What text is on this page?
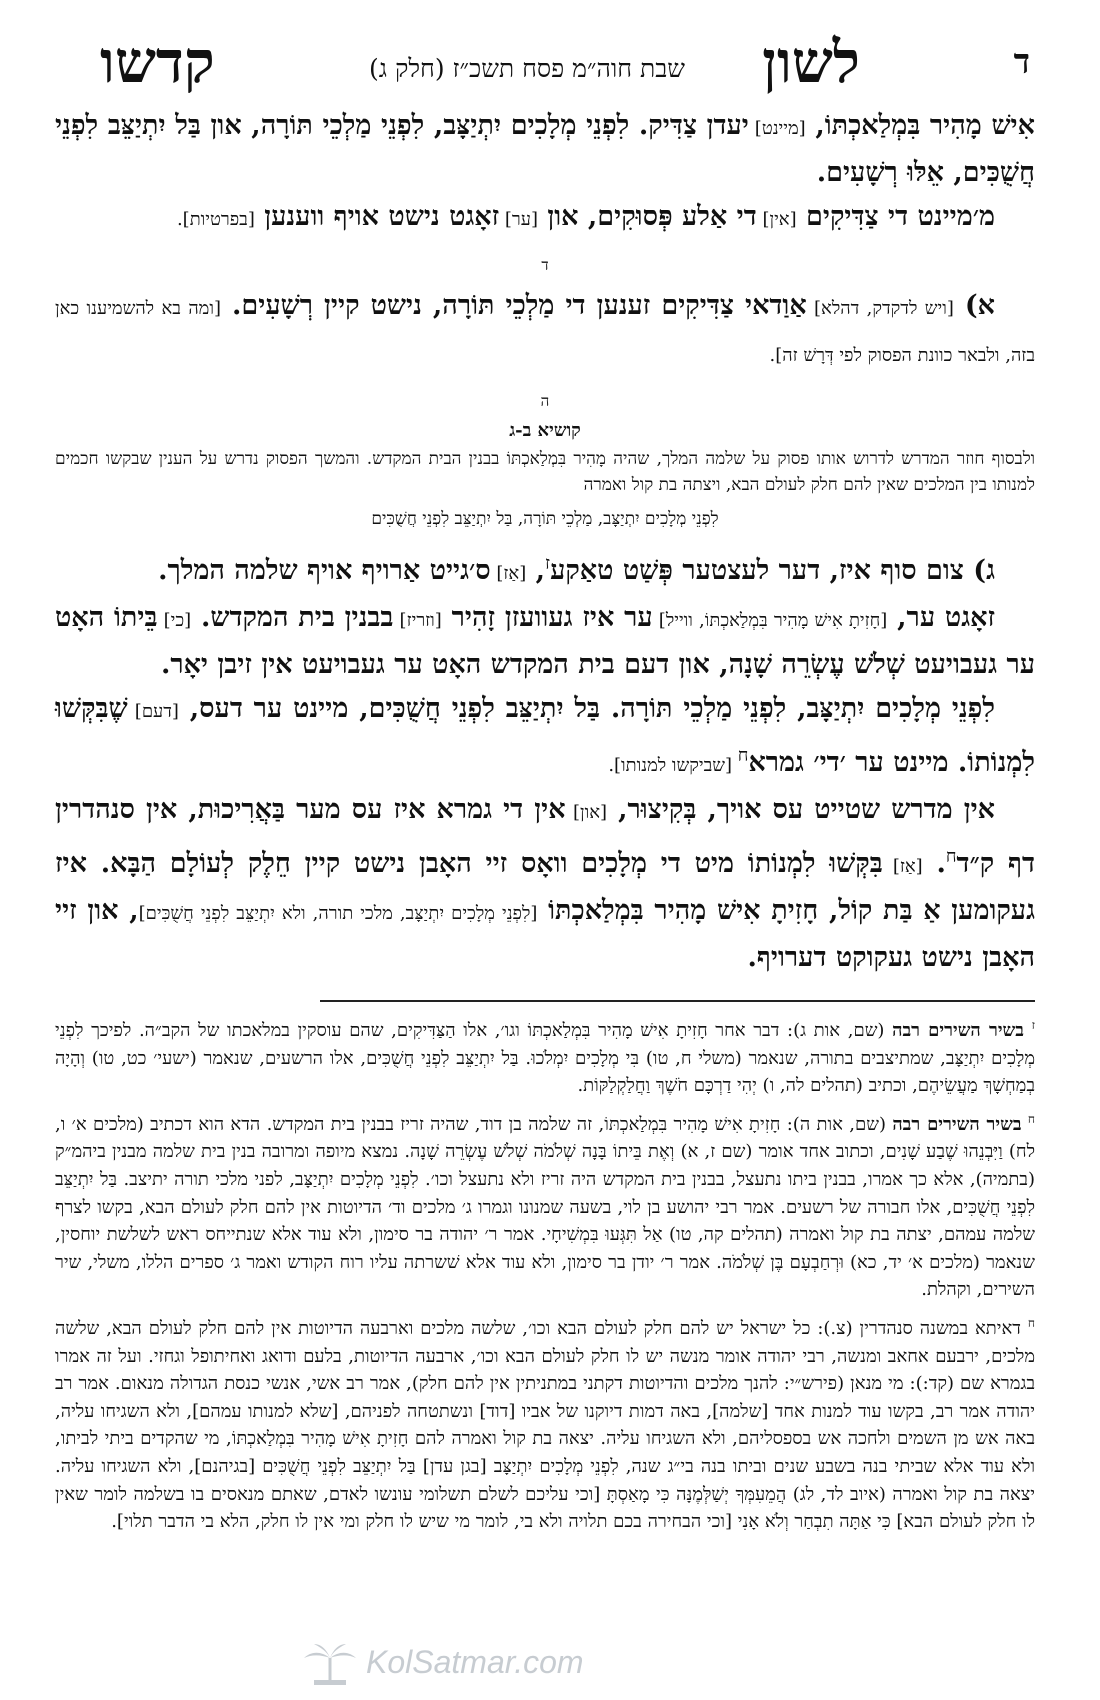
ד
לשון
שבת חוה״מ פסח תשכ״ז (חלק ג)
קדשו

אִישׁ מָהִיר בִּמְלַאכְתּוֹ, [מיינט] יעדן צַדִּיק. לִפְנֵי מְלָכִים יִתְיַצָּב, לִפְנֵי מַלְכֵי תּוֹרָה, און בַּל יִתְיַצֵּב לִפְנֵי חֲשֻׁכִּים, אֵלּוּ רְשָׁעִים.

מ׳מיינט די צַדִּיקִים [אין] די אַלע פְּסוּקִים, און [ער] זאָגט נישט אויף ווענען [בפרטיות].

ד

א) [ויש לדקדק, דהלא] אַוַדאי צַדִּיקִים זענען די מַלְכֵי תּוֹרָה, נישט קיין רְשָׁעִים. [ומה בא להשמיענו כאן בזה, ולבאר כוונת הפסוק לפי דְּרָשׁ זה].

ה
קושיא ב-ג

ולבסוף חוזר המדרש לדרוש אותו פסוק על שלמה המלך, שהיה מָהִיר בִּמְלַאכְתּוֹ בבנין הבית המקדש. והמשך הפסוק נדרש על הענין שבקשו חכמים למנותו בין המלכים שאין להם חלק לעולם הבא, ויצתה בת קול ואמרה

לִפְנֵי מְלָכִים יִתְיַצָּב, מַלְכֵי תּוֹרָה, בַּל יִתְיַצֵּב לִפְנֵי חֲשֻׁכִּים

ג) צום סוף איז, דער לעצטער פְּשַׁט טאַקע$^ז$, [אַז] ס׳גייט אַרויף אויף שלמה המלך.

זאָגט ער, [חָזִיתָ אִישׁ מָהִיר בִּמְלַאכְתּוֹ, ווייל] ער איז געוועזן זָהִיר [וזריז] בבנין בית המקדש. [כי] בֵּיתוֹ האָט ער געבויעט שְׁלֹשׁ עֶשְׂרֵה שָׁנָה, און דעם בית המקדש האָט ער געבויעט אין זיבן יאָר.

לִפְנֵי מְלָכִים יִתְיַצָּב, לִפְנֵי מַלְכֵי תּוֹרָה. בַּל יִתְיַצֵּב לִפְנֵי חֲשֻׁכִּים, מיינט ער דעס, [דעם] שֶׁבִּקְּשׁוּ לִמְנוֹתוֹ. מיינט ער ׳די׳ גמרא$^ח$ [שביקשו למנותו].

אין מדרש שטייט עס אויך, בְּקִיצוּר, [און] אין די גמרא איז עס מער בַּאֲרִיכוּת, אין סנהדרין דף ק״ד$^ח$. [אַז] בִּקְּשׁוּ לִמְנוֹתוֹ מיט די מְלָכִים וואָס זיי האָבן נישט קיין חֵלֶק לְעוֹלָם הַבָּא. איז געקומען אַ בַּת קוֹל, חָזִיתָ אִישׁ מָהִיר בִּמְלַאכְתּוֹ [לִפְנֵי מְלָכִים יִתְיַצָּב, מלכי תורה, ולא יִתְיַצֵּב לִפְנֵי חֲשֻׁכִּים], און זיי האָבן נישט געקוקט דערויף.

$^ז$ בשיר השירים רבה (שם, אות ג): דבר אחר חָזִיתָ אִישׁ מָהִיר בִּמְלַאכְתּוֹ וגו׳, אלו הַצַּדִּיקִים, שהם עוסקין במלאכתו של הקב״ה. לפיכך לִפְנֵי מְלָכִים יִתְיַצָּב, שמתיצבים בתורה, שנאמר (משלי ח, טו) בִּי מְלָכִים יִמְלֹכוּ. בַּל יִתְיַצֵּב לִפְנֵי חֲשֻׁכִּים, אלו הרשעים, שנאמר (ישעי׳ כט, טו) וְהָיָה בְמַחְשָׁךְ מַעֲשֵׂיהֶם, וכתיב (תהלים לה, ו) יְהִי דַרְכָּם חֹשֶׁךְ וַחֲלַקְלַקּוֹת.

$^ח$ בשיר השירים רבה (שם, אות ה): חָזִיתָ אִישׁ מָהִיר בִּמְלַאכְתּוֹ, זה שלמה בן דוד, שהיה זריז בבנין בית המקדש. הדא הוא דכתיב (מלכים א׳ ו, לח) וַיִּבְנֵהוּ שֶׁבַע שָׁנִים, וכתוב אחד אומר (שם ז, א) וְאֶת בֵּיתוֹ בָּנָה שְׁלֹמֹה שְׁלֹשׁ עֶשְׂרֵה שָׁנָה. נמצא מיופה ומרובה בנין בית שלמה מבנין ביהמ״ק (בתמיה), אלא כך אמרו, בבנין ביתו נתעצל, בבנין בית המקדש היה זריז ולא נתעצל וכו׳. לִפְנֵי מְלָכִים יִתְיַצָּב, לפני מלכי תורה יתיצב. בַּל יִתְיַצֵּב לִפְנֵי חֲשֻׁכִּים, אלו חבורה של רשעים. אמר רבי יהושע בן לוי, בשעה שמנונו וגמרו ג׳ מלכים וד׳ הדיוטות אין להם חלק לעולם הבא, בקשו לצרף שלמה עמהם, יצתה בת קול ואמרה (תהלים קה, טו) אַל תִּגְּעוּ בִּמְשִׁיחָי. אמר ר׳ יהודה בר סימון, ולא עוד אלא שנתייחס ראש לשלשת יוחסין, שנאמר (מלכים א׳ יד, כא) וּרְחַבְעָם בֶּן שְׁלֹמֹה. אמר ר׳ יודן בר סימון, ולא עוד אלא שׁשרתה עליו רוח הקודש ואמר ג׳ ספרים הללו, משלי, שיר השירים, וקהלת.

$^ח$ דאיתא במשנה סנהדרין (צ.): כל ישראל יש להם חלק לעולם הבא וכו׳, שלשה מלכים וארבעה הדיוטות אין להם חלק לעולם הבא, שלשה מלכים, ירבעם אחאב ומנשה, רבי יהודה אומר מנשה יש לו חלק לעולם הבא וכו׳, ארבעה הדיוטות, בלעם ודואג ואחיתופל וגחזי. ועל זה אמרו בגמרא שם (קד:): מי מנאן (פירש״י: להנך מלכים והדיוטות דקתני במתניתין אין להם חלק), אמר רב אשי, אנשי כנסת הגדולה מנאום. אמר רב יהודה אמר רב, בקשו עוד למנות אחד [שלמה], באה דמות דיוקנו של אביו [דוד] ונשתטחה לפניהם, [שלא למנותו עמהם], ולא השגיחו עליה, באה אש מן השמים ולחכה אש בספסליהם, ולא השגיחו עליה. יצאה בת קול ואמרה להם חָזִיתָ אִישׁ מָהִיר בִּמְלַאכְתּוֹ, מי שהקדים ביתי לביתו, ולא עוד אלא שביתי בנה בשבע שנים וביתו בנה בי״ג שנה, לִפְנֵי מְלָכִים יִתְיַצָּב [בגן עדן] בַּל יִתְיַצֵּב לִפְנֵי חֲשֻׁכִּים [בגיהנם], ולא השגיחו עליה. יצאה בת קול ואמרה (איוב לד, לג) הֲמֵעִמְּךָ יְשַׁלְּמֶנָּה כִּי מָאַסְתָּ [וכי עליכם לשלם תשלומי עונשו לאדם, שאתם מנאסים בו בשלמה לומר שאין לו חלק לעולם הבא] כִּי אַתָּה תִבְחַר וְלֹא אָנִי [וכי הבחירה בכם תלויה ולא בי, לומר מי שיש לו חלק ומי אין לו חלק, הלא בי הדבר תלוי].

KolSatmar.com
